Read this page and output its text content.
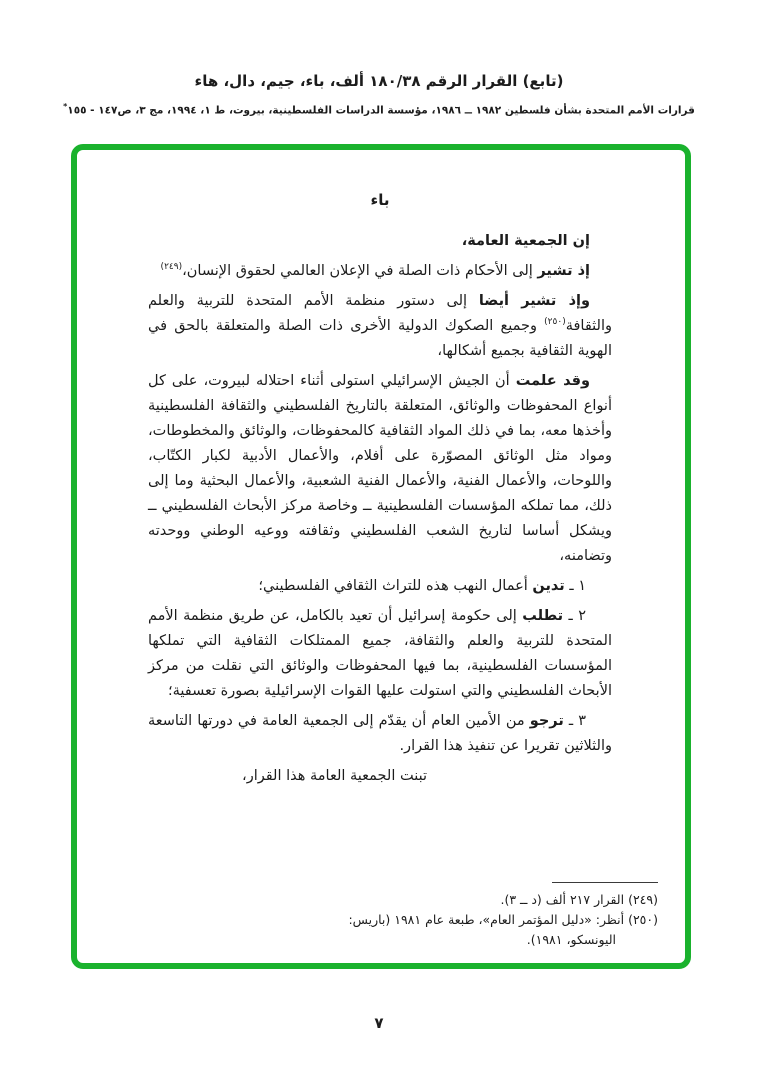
(تابع) القرار الرقم ١٨٠/٣٨ ألف، باء، جيم، دال، هاء
قرارات الأمم المتحدة بشأن فلسطين ١٩٨٢ ــ ١٩٨٦، مؤسسة الدراسات الفلسطينية، بيروت، ط ١، ١٩٩٤، مج ٣، ص١٤٧ - ١٥٥*
باء
إن الجمعية العامة،
إذ تشير إلى الأحكام ذات الصلة في الإعلان العالمي لحقوق الإنسان،$^{(٢٤٩)}$
وإذ تشير أيضا إلى دستور منظمة الأمم المتحدة للتربية والعلم والثقافة$^{(٢٥٠)}$ وجميع الصكوك الدولية الأخرى ذات الصلة والمتعلقة بالحق في الهوية الثقافية بجميع أشكالها،
وقد علمت أن الجيش الإسرائيلي استولى أثناء احتلاله لبيروت، على كل أنواع المحفوظات والوثائق، المتعلقة بالتاريخ الفلسطيني والثقافة الفلسطينية وأخذها معه، بما في ذلك المواد الثقافية كالمحفوظات، والوثائق والمخطوطات، ومواد مثل الوثائق المصوّرة على أفلام، والأعمال الأدبية لكبار الكتّاب، واللوحات، والأعمال الفنية، والأعمال الفنية الشعبية، والأعمال البحثية وما إلى ذلك، مما تملكه المؤسسات الفلسطينية ــ وخاصة مركز الأبحاث الفلسطيني ــ ويشكل أساسا لتاريخ الشعب الفلسطيني وثقافته ووعيه الوطني ووحدته وتضامنه،
١ ـ تدين أعمال النهب هذه للتراث الثقافي الفلسطيني؛
٢ ـ تطلب إلى حكومة إسرائيل أن تعيد بالكامل، عن طريق منظمة الأمم المتحدة للتربية والعلم والثقافة، جميع الممتلكات الثقافية التي تملكها المؤسسات الفلسطينية، بما فيها المحفوظات والوثائق التي نقلت من مركز الأبحاث الفلسطيني والتي استولت عليها القوات الإسرائيلية بصورة تعسفية؛
٣ ـ ترجو من الأمين العام أن يقدّم إلى الجمعية العامة في دورتها التاسعة والثلاثين تقريرا عن تنفيذ هذا القرار.
تبنت الجمعية العامة هذا القرار،

(٢٤٩) القرار ٢١٧ ألف (د ــ ٣).

(٢٥٠) أنظر: «دليل المؤتمر العام»، طبعة عام ١٩٨١ (باريس: اليونسكو، ١٩٨١).

٧
